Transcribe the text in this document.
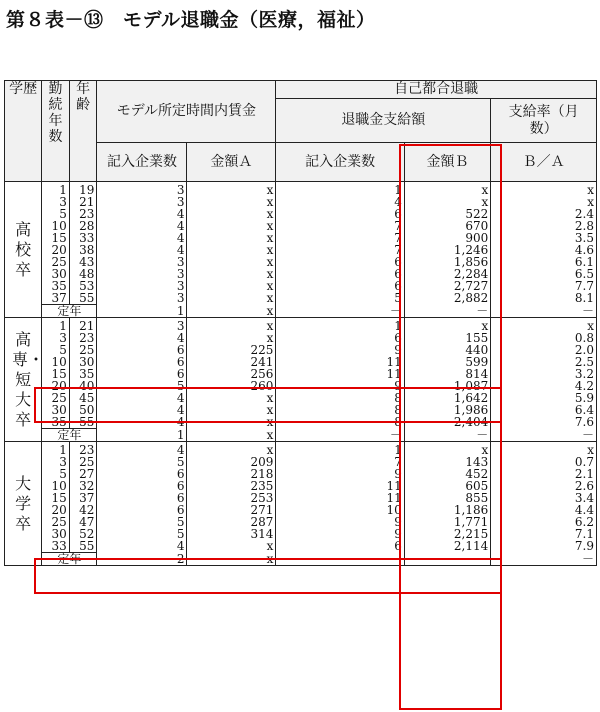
第８表－⑬　モデル退職金（医療，福祉）
学歴	勤続年数	年齢	モデル所定時間内賃金		自己都合退職		
					退職金支給額		支給率（月数）
			記入企業数	金額Ａ	記入企業数	金額Ｂ	Ｂ／Ａ
高校卒	1	19	3	x	1	x	x
	3	21	3	x	4	x	x
	5	23	4	x	6	522	2.4
	10	28	4	x	7	670	2.8
	15	33	4	x	7	900	3.5
	20	38	4	x	7	1,246	4.6
	25	43	3	x	6	1,856	6.1
	30	48	3	x	6	2,284	6.5
	35	53	3	x	6	2,727	7.7
	37	55	3	x	5	2,882	8.1
	定年		1	x	－	－	－
高専・短大卒	1	21	3	x	1	x	x
	3	23	4	x	6	155	0.8
	5	25	6	225	9	440	2.0
	10	30	6	241	11	599	2.5
	15	35	6	256	11	814	3.2
	20	40	5	260	9	1,087	4.2
	25	45	4	x	8	1,642	5.9
	30	50	4	x	8	1,986	6.4
	35	55	4	x	8	2,404	7.6
	定年		1	x	－	－	－
大学卒	1	23	4	x	1	x	x
	3	25	5	209	7	143	0.7
	5	27	6	218	9	452	2.1
	10	32	6	235	11	605	2.6
	15	37	6	253	11	855	3.4
	20	42	6	271	10	1,186	4.4
	25	47	5	287	9	1,771	6.2
	30	52	5	314	9	2,215	7.1
	33	55	4	x	6	2,114	7.9
	定年		2	x	－	－	－
